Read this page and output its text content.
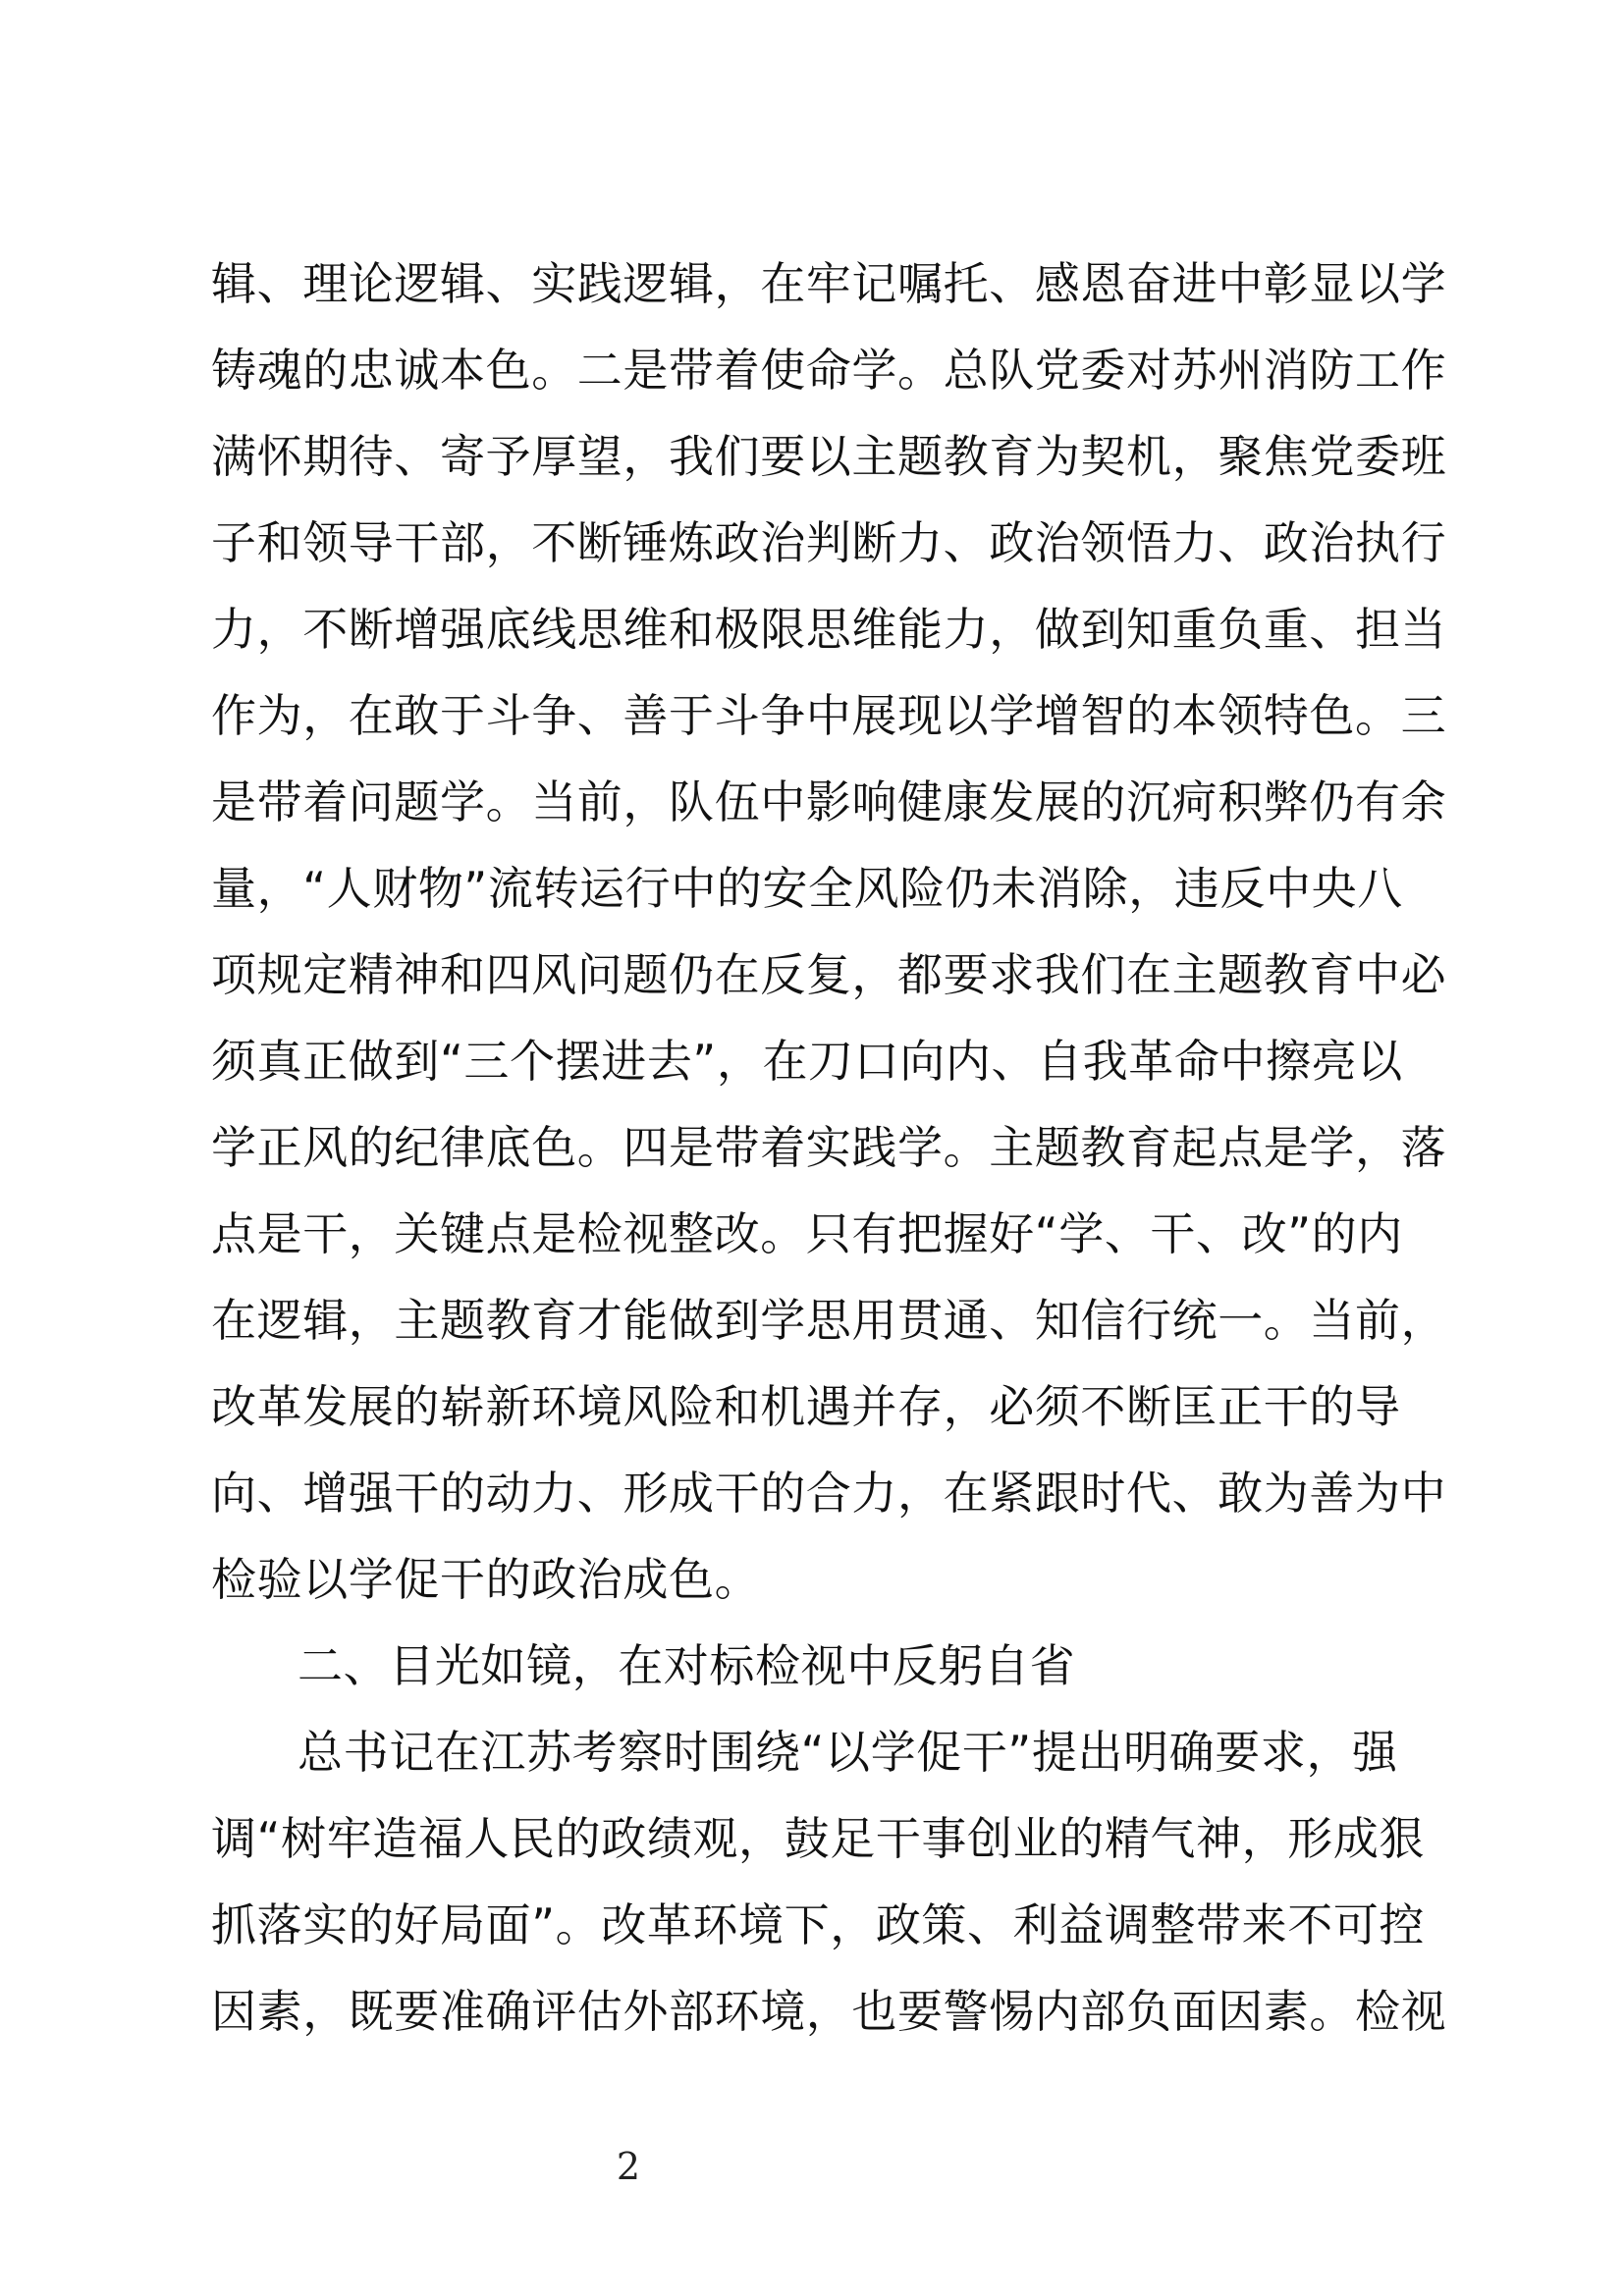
辑、理论逻辑、实践逻辑，在牢记嘱托、感恩奋进中彰显以学
铸魂的忠诚本色。二是带着使命学。总队党委对苏州消防工作
满怀期待、寄予厚望，我们要以主题教育为契机，聚焦党委班
子和领导干部，不断锤炼政治判断力、政治领悟力、政治执行
力，不断增强底线思维和极限思维能力，做到知重负重、担当
作为，在敢于斗争、善于斗争中展现以学增智的本领特色。三
是带着问题学。当前，队伍中影响健康发展的沉疴积弊仍有余
量，“人财物”流转运行中的安全风险仍未消除，违反中央八
项规定精神和四风问题仍在反复，都要求我们在主题教育中必
须真正做到“三个摆进去”，在刀口向内、自我革命中擦亮以
学正风的纪律底色。四是带着实践学。主题教育起点是学，落
点是干，关键点是检视整改。只有把握好“学、干、改”的内
在逻辑，主题教育才能做到学思用贯通、知信行统一。当前，
改革发展的崭新环境风险和机遇并存，必须不断匡正干的导
向、增强干的动力、形成干的合力，在紧跟时代、敢为善为中
检验以学促干的政治成色。
二、目光如镜，在对标检视中反躬自省
总书记在江苏考察时围绕“以学促干”提出明确要求，强
调“树牢造福人民的政绩观，鼓足干事创业的精气神，形成狠
抓落实的好局面”。改革环境下，政策、利益调整带来不可控
因素，既要准确评估外部环境，也要警惕内部负面因素。检视
2
